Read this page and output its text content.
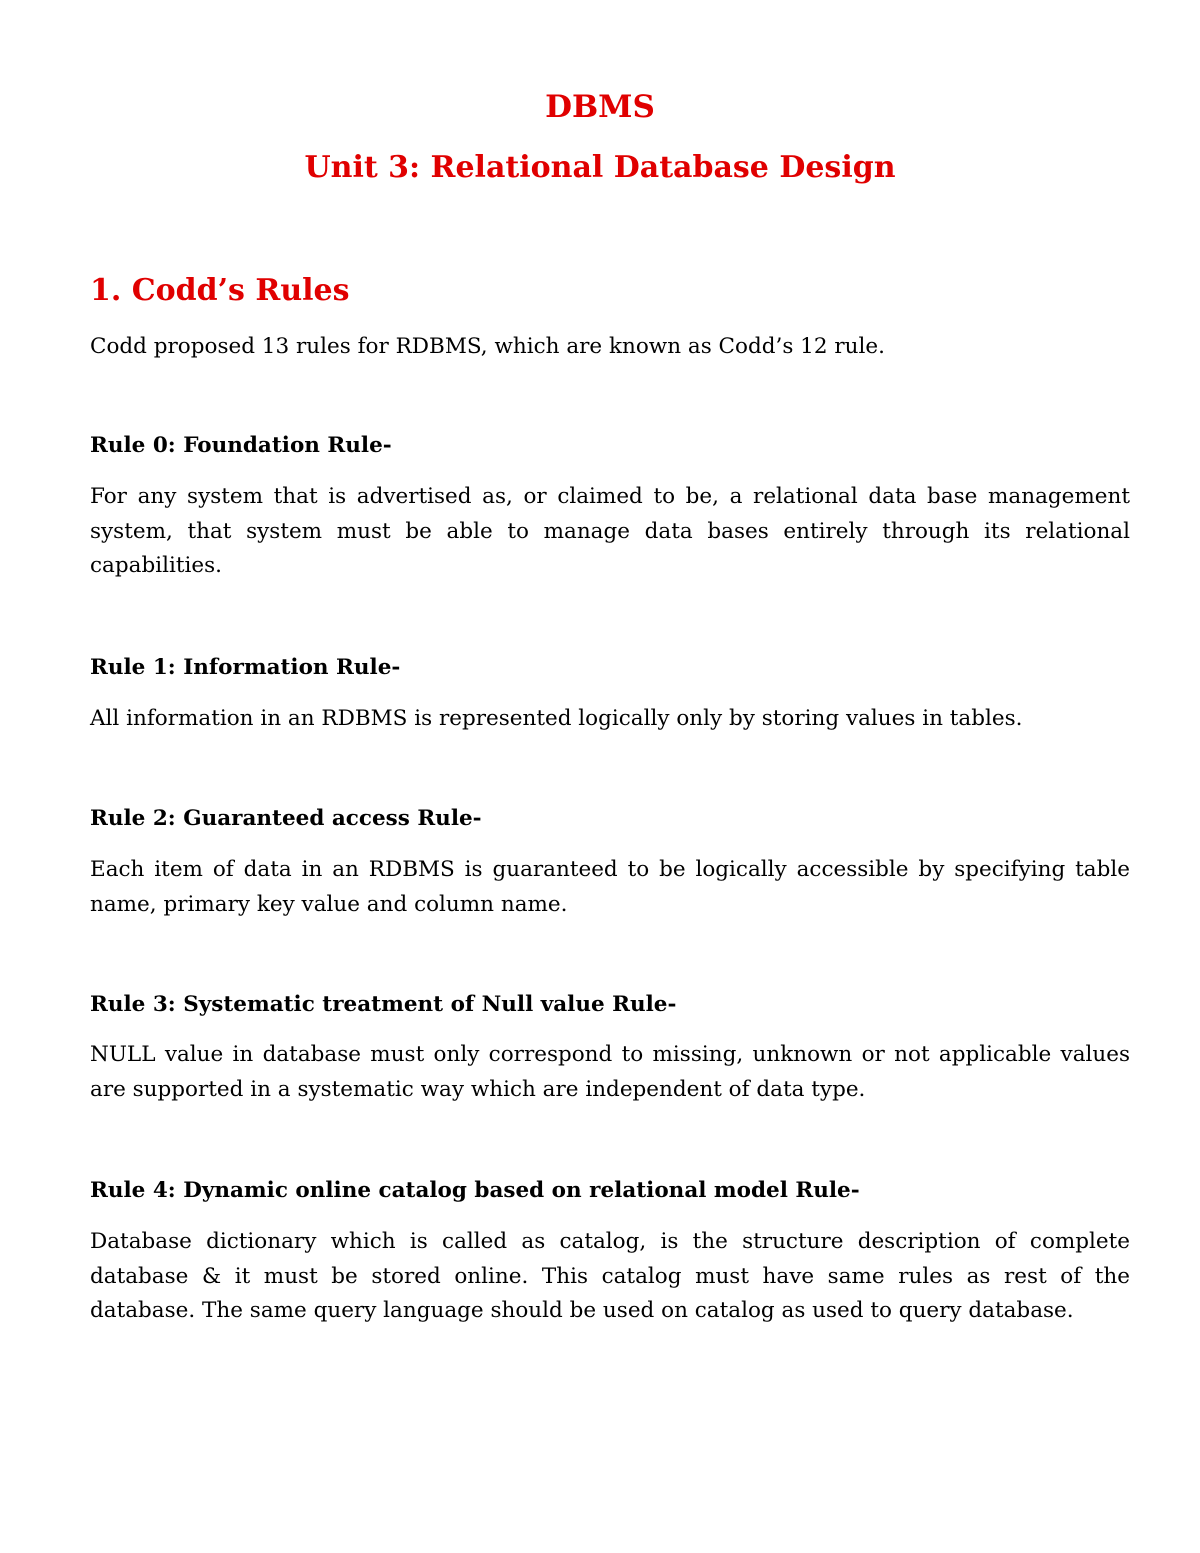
DBMS
Unit 3: Relational Database Design
1. Codd’s Rules

Codd proposed 13 rules for RDBMS, which are known as Codd’s 12 rule.

Rule 0: Foundation Rule-

For any system that is advertised as, or claimed to be, a relational data base management system, that system must be able to manage data bases entirely through its relational capabilities.

Rule 1: Information Rule-

All information in an RDBMS is represented logically only by storing values in tables.

Rule 2: Guaranteed access Rule-

Each item of data in an RDBMS is guaranteed to be logically accessible by specifying table name, primary key value and column name.

Rule 3: Systematic treatment of Null value Rule-

NULL value in database must only correspond to missing, unknown or not applicable values are supported in a systematic way which are independent of data type.

Rule 4: Dynamic online catalog based on relational model Rule-

Database dictionary which is called as catalog, is the structure description of complete database & it must be stored online. This catalog must have same rules as rest of the database. The same query language should be used on catalog as used to query database.
